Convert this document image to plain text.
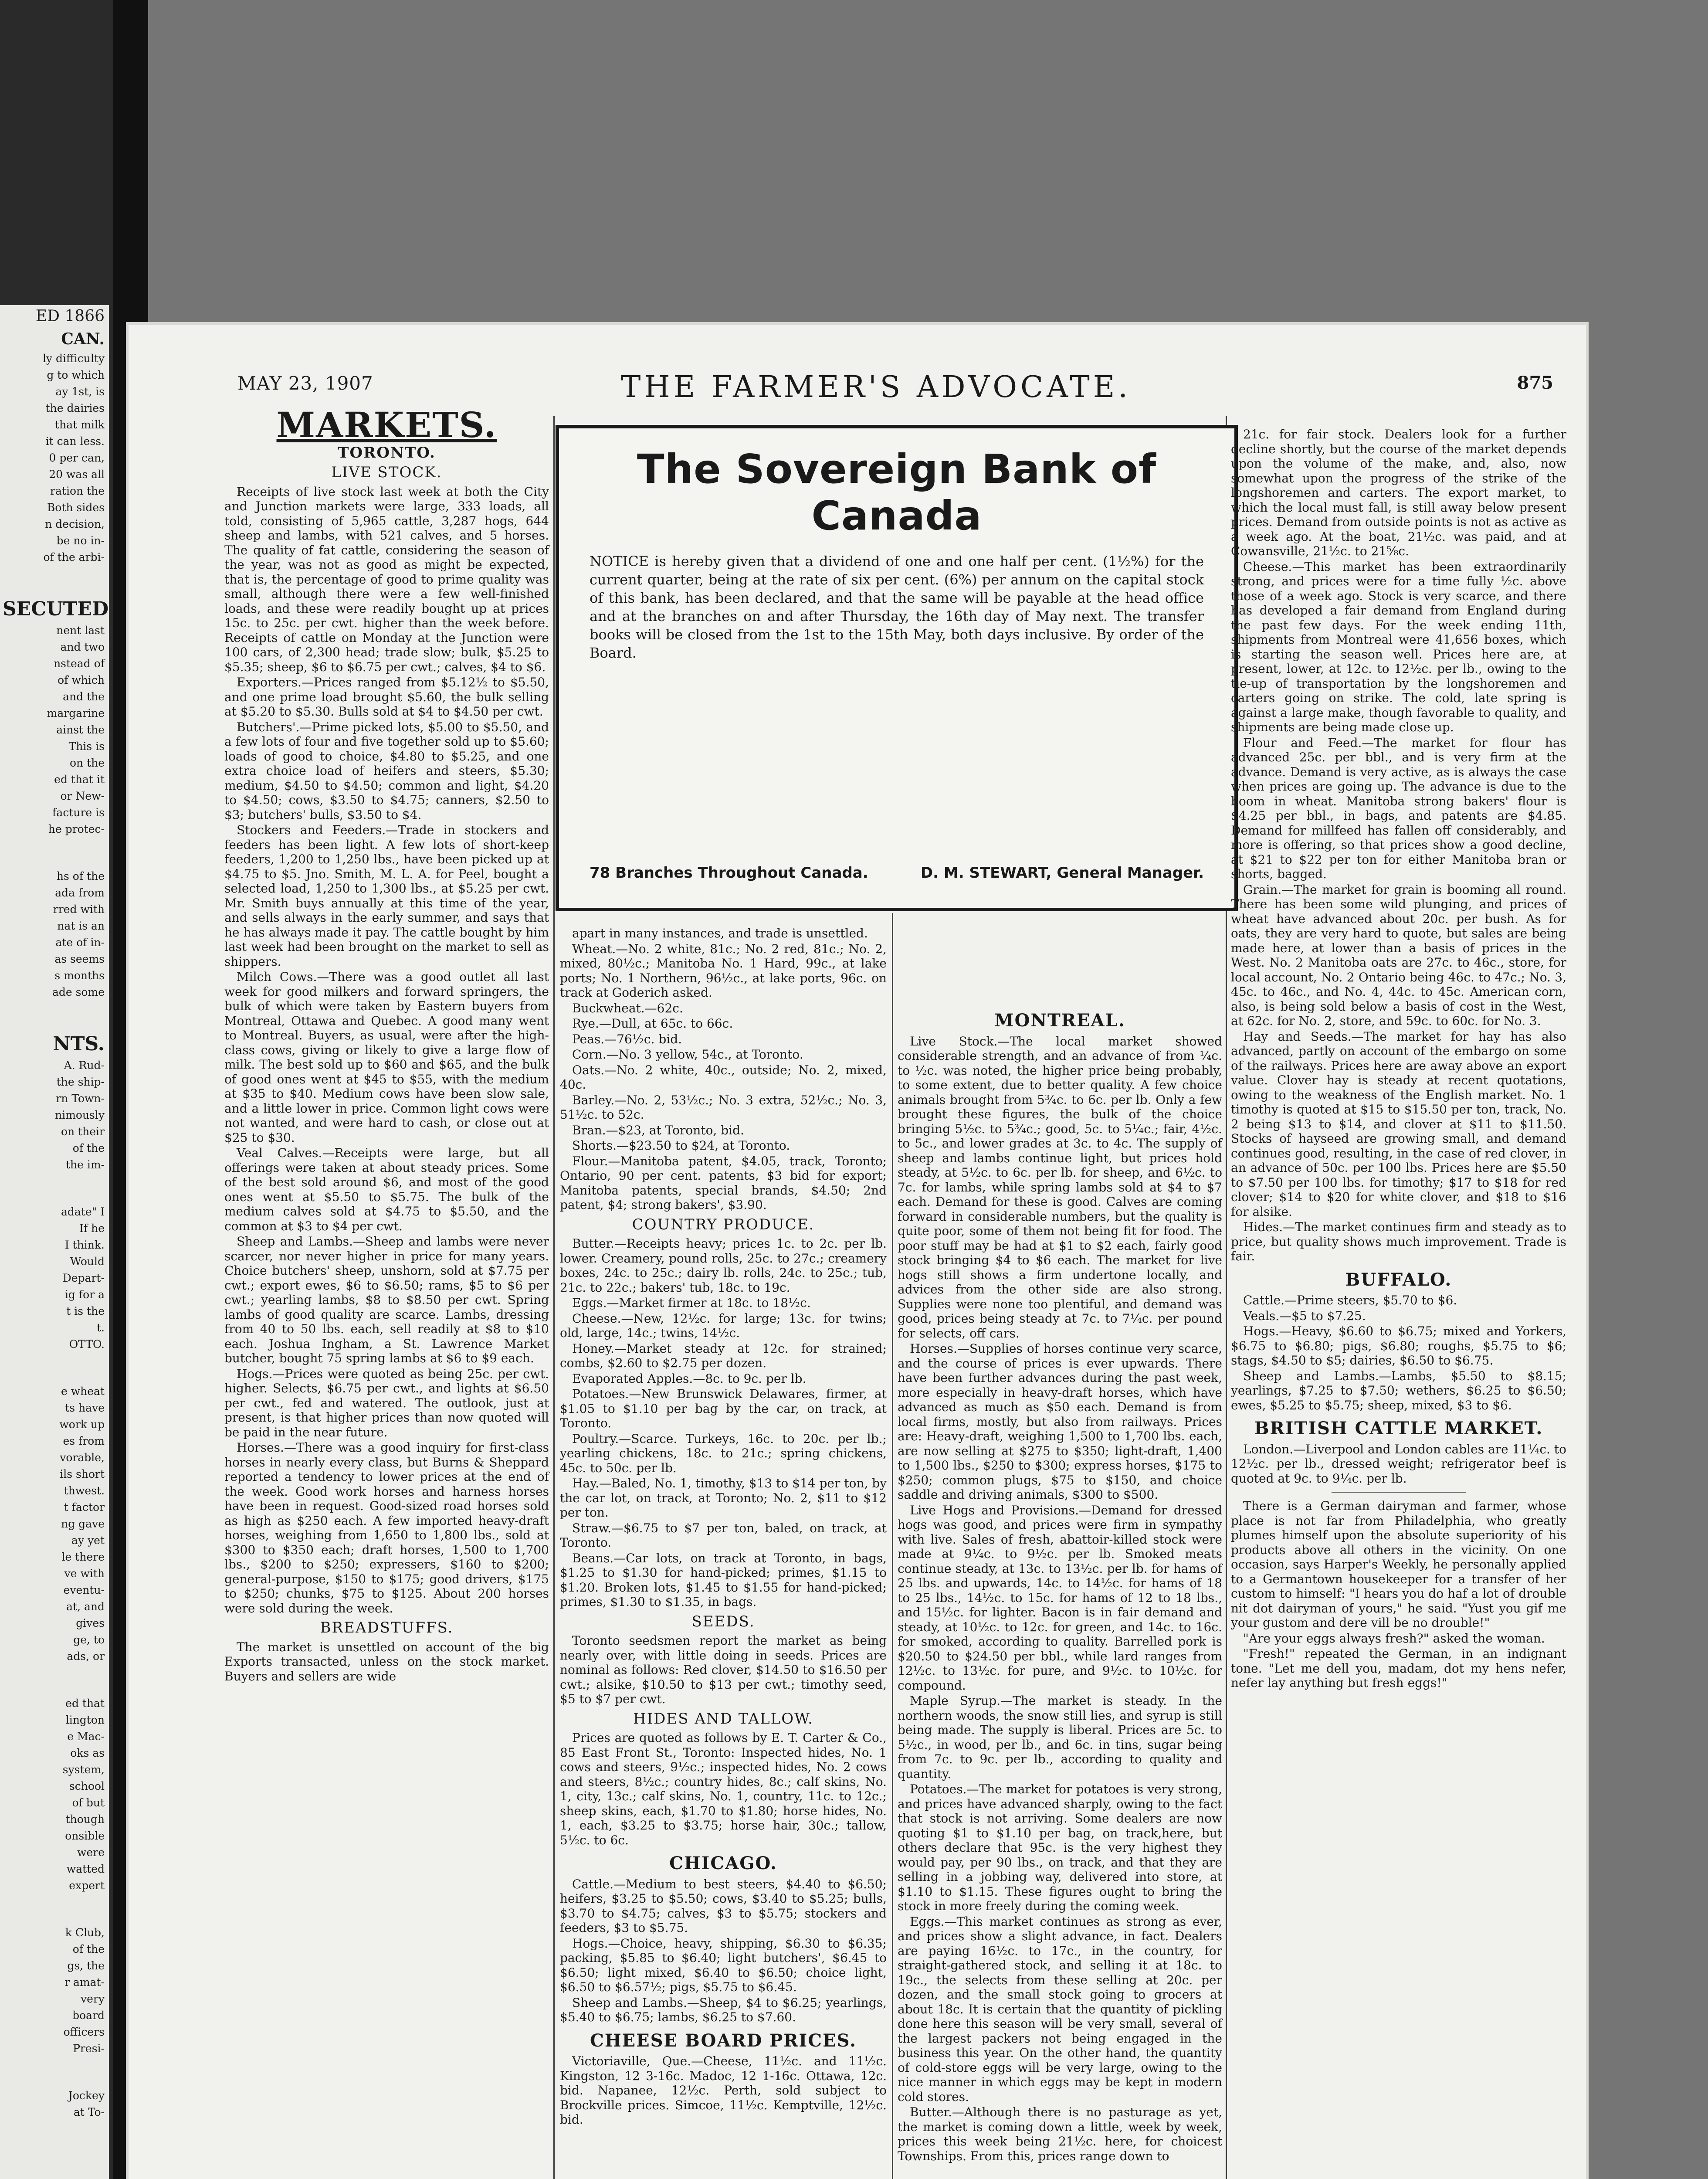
ED 1866

CAN.

ly difficulty

g to which

ay 1st, is

the dairies

that milk

it can less.

0 per can,

20 was all

ration the

Both sides

n decision,

be no in-

of the arbi-

SECUTED

nent last

and two

nstead of

of which

and the

margarine

ainst the

This is

on the

ed that it

or New-

facture is

he protec-

hs of the

ada from

rred with

nat is an

ate of in-

as seems

s months

ade some

NTS.

A. Rud-

the ship-

rn Town-

nimously

on their

of the

the im-

adate" I

If he

I think.

Would

Depart-

ig for a

t is the

t.

OTTO.

e wheat

ts have

work up

es from

vorable,

ils short

thwest.

t factor

ng gave

ay yet

le there

ve with

eventu-

at, and

gives

ge, to

ads, or

ed that

lington

e Mac-

oks as

system,

school

of but

though

onsible

were

watted

expert

k Club,

of the

gs, the

r amat-

very

board

officers

Presi-

Jockey

at To-

MAY 23, 1907	THE FARMER'S ADVOCATE.	875
MARKETS.
TORONTO.
LIVE STOCK.

Receipts of live stock last week at both the City and Junction markets were large, 333 loads, all told, consisting of 5,965 cattle, 3,287 hogs, 644 sheep and lambs, with 521 calves, and 5 horses. The quality of fat cattle, considering the season of the year, was not as good as might be expected, that is, the percentage of good to prime quality was small, although there were a few well-finished loads, and these were readily bought up at prices 15c. to 25c. per cwt. higher than the week before. Receipts of cattle on Monday at the Junction were 100 cars, of 2,300 head; trade slow; bulk, $5.25 to $5.35; sheep, $6 to $6.75 per cwt.; calves, $4 to $6.

Exporters.—Prices ranged from $5.12½ to $5.50, and one prime load brought $5.60, the bulk selling at $5.20 to $5.30. Bulls sold at $4 to $4.50 per cwt.

Butchers'.—Prime picked lots, $5.00 to $5.50, and a few lots of four and five together sold up to $5.60; loads of good to choice, $4.80 to $5.25, and one extra choice load of heifers and steers, $5.30; medium, $4.50 to $4.50; common and light, $4.20 to $4.50; cows, $3.50 to $4.75; canners, $2.50 to $3; butchers' bulls, $3.50 to $4.

Stockers and Feeders.—Trade in stockers and feeders has been light. A few lots of short-keep feeders, 1,200 to 1,250 lbs., have been picked up at $4.75 to $5. Jno. Smith, M. L. A. for Peel, bought a selected load, 1,250 to 1,300 lbs., at $5.25 per cwt. Mr. Smith buys annually at this time of the year, and sells always in the early summer, and says that he has always made it pay. The cattle bought by him last week had been brought on the market to sell as shippers.

Milch Cows.—There was a good outlet all last week for good milkers and forward springers, the bulk of which were taken by Eastern buyers from Montreal, Ottawa and Quebec. A good many went to Montreal. Buyers, as usual, were after the high-class cows, giving or likely to give a large flow of milk. The best sold up to $60 and $65, and the bulk of good ones went at $45 to $55, with the medium at $35 to $40. Medium cows have been slow sale, and a little lower in price. Common light cows were not wanted, and were hard to cash, or close out at $25 to $30.

Veal Calves.—Receipts were large, but all offerings were taken at about steady prices. Some of the best sold around $6, and most of the good ones went at $5.50 to $5.75. The bulk of the medium calves sold at $4.75 to $5.50, and the common at $3 to $4 per cwt.

Sheep and Lambs.—Sheep and lambs were never scarcer, nor never higher in price for many years. Choice butchers' sheep, unshorn, sold at $7.75 per cwt.; export ewes, $6 to $6.50; rams, $5 to $6 per cwt.; yearling lambs, $8 to $8.50 per cwt. Spring lambs of good quality are scarce. Lambs, dressing from 40 to 50 lbs. each, sell readily at $8 to $10 each. Joshua Ingham, a St. Lawrence Market butcher, bought 75 spring lambs at $6 to $9 each.

Hogs.—Prices were quoted as being 25c. per cwt. higher. Selects, $6.75 per cwt., and lights at $6.50 per cwt., fed and watered. The outlook, just at present, is that higher prices than now quoted will be paid in the near future.

Horses.—There was a good inquiry for first-class horses in nearly every class, but Burns & Sheppard reported a tendency to lower prices at the end of the week. Good work horses and harness horses have been in request. Good-sized road horses sold as high as $250 each. A few imported heavy-draft horses, weighing from 1,650 to 1,800 lbs., sold at $300 to $350 each; draft horses, 1,500 to 1,700 lbs., $200 to $250; expressers, $160 to $200; general-purpose, $150 to $175; good drivers, $175 to $250; chunks, $75 to $125. About 200 horses were sold during the week.

BREADSTUFFS.

The market is unsettled on account of the big Exports transacted, unless on the stock market. Buyers and sellers are wide

The Sovereign Bank of Canada
NOTICE is hereby given that a dividend of one and one half per cent. (1½%) for the current quarter, being at the rate of six per cent. (6%) per annum on the capital stock of this bank, has been declared, and that the same will be payable at the head office and at the branches on and after Thursday, the 16th day of May next. The transfer books will be closed from the 1st to the 15th May, both days inclusive. By order of the Board.
78 Branches Throughout Canada.	D. M. STEWART, General Manager.

apart in many instances, and trade is unsettled.

Wheat.—No. 2 white, 81c.; No. 2 red, 81c.; No. 2, mixed, 80½c.; Manitoba No. 1 Hard, 99c., at lake ports; No. 1 Northern, 96½c., at lake ports, 96c. on track at Goderich asked.

Buckwheat.—62c.

Rye.—Dull, at 65c. to 66c.

Peas.—76½c. bid.

Corn.—No. 3 yellow, 54c., at Toronto.

Oats.—No. 2 white, 40c., outside; No. 2, mixed, 40c.

Barley.—No. 2, 53½c.; No. 3 extra, 52½c.; No. 3, 51½c. to 52c.

Bran.—$23, at Toronto, bid.

Shorts.—$23.50 to $24, at Toronto.

Flour.—Manitoba patent, $4.05, track, Toronto; Ontario, 90 per cent. patents, $3 bid for export; Manitoba patents, special brands, $4.50; 2nd patent, $4; strong bakers', $3.90.

COUNTRY PRODUCE.

Butter.—Receipts heavy; prices 1c. to 2c. per lb. lower. Creamery, pound rolls, 25c. to 27c.; creamery boxes, 24c. to 25c.; dairy lb. rolls, 24c. to 25c.; tub, 21c. to 22c.; bakers' tub, 18c. to 19c.

Eggs.—Market firmer at 18c. to 18½c.

Cheese.—New, 12½c. for large; 13c. for twins; old, large, 14c.; twins, 14½c.

Honey.—Market steady at 12c. for strained; combs, $2.60 to $2.75 per dozen.

Evaporated Apples.—8c. to 9c. per lb.

Potatoes.—New Brunswick Delawares, firmer, at $1.05 to $1.10 per bag by the car, on track, at Toronto.

Poultry.—Scarce. Turkeys, 16c. to 20c. per lb.; yearling chickens, 18c. to 21c.; spring chickens, 45c. to 50c. per lb.

Hay.—Baled, No. 1, timothy, $13 to $14 per ton, by the car lot, on track, at Toronto; No. 2, $11 to $12 per ton.

Straw.—$6.75 to $7 per ton, baled, on track, at Toronto.

Beans.—Car lots, on track at Toronto, in bags, $1.25 to $1.30 for hand-picked; primes, $1.15 to $1.20. Broken lots, $1.45 to $1.55 for hand-picked; primes, $1.30 to $1.35, in bags.

SEEDS.

Toronto seedsmen report the market as being nearly over, with little doing in seeds. Prices are nominal as follows: Red clover, $14.50 to $16.50 per cwt.; alsike, $10.50 to $13 per cwt.; timothy seed, $5 to $7 per cwt.

HIDES AND TALLOW.

Prices are quoted as follows by E. T. Carter & Co., 85 East Front St., Toronto: Inspected hides, No. 1 cows and steers, 9½c.; inspected hides, No. 2 cows and steers, 8½c.; country hides, 8c.; calf skins, No. 1, city, 13c.; calf skins, No. 1, country, 11c. to 12c.; sheep skins, each, $1.70 to $1.80; horse hides, No. 1, each, $3.25 to $3.75; horse hair, 30c.; tallow, 5½c. to 6c.

CHICAGO.

Cattle.—Medium to best steers, $4.40 to $6.50; heifers, $3.25 to $5.50; cows, $3.40 to $5.25; bulls, $3.70 to $4.75; calves, $3 to $5.75; stockers and feeders, $3 to $5.75.

Hogs.—Choice, heavy, shipping, $6.30 to $6.35; packing, $5.85 to $6.40; light butchers', $6.45 to $6.50; light mixed, $6.40 to $6.50; choice light, $6.50 to $6.57½; pigs, $5.75 to $6.45.

Sheep and Lambs.—Sheep, $4 to $6.25; yearlings, $5.40 to $6.75; lambs, $6.25 to $7.60.

CHEESE BOARD PRICES.

Victoriaville, Que.—Cheese, 11½c. and 11½c. Kingston, 12 3-16c. Madoc, 12 1-16c. Ottawa, 12c. bid. Napanee, 12½c. Perth, sold subject to Brockville prices. Simcoe, 11½c. Kemptville, 12½c. bid.

MONTREAL.

Live Stock.—The local market showed considerable strength, and an advance of from ¼c. to ½c. was noted, the higher price being probably, to some extent, due to better quality. A few choice animals brought from 5¾c. to 6c. per lb. Only a few brought these figures, the bulk of the choice bringing 5½c. to 5¾c.; good, 5c. to 5¼c.; fair, 4½c. to 5c., and lower grades at 3c. to 4c. The supply of sheep and lambs continue light, but prices hold steady, at 5½c. to 6c. per lb. for sheep, and 6½c. to 7c. for lambs, while spring lambs sold at $4 to $7 each. Demand for these is good. Calves are coming forward in considerable numbers, but the quality is quite poor, some of them not being fit for food. The poor stuff may be had at $1 to $2 each, fairly good stock bringing $4 to $6 each. The market for live hogs still shows a firm undertone locally, and advices from the other side are also strong. Supplies were none too plentiful, and demand was good, prices being steady at 7c. to 7¼c. per pound for selects, off cars.

Horses.—Supplies of horses continue very scarce, and the course of prices is ever upwards. There have been further advances during the past week, more especially in heavy-draft horses, which have advanced as much as $50 each. Demand is from local firms, mostly, but also from railways. Prices are: Heavy-draft, weighing 1,500 to 1,700 lbs. each, are now selling at $275 to $350; light-draft, 1,400 to 1,500 lbs., $250 to $300; express horses, $175 to $250; common plugs, $75 to $150, and choice saddle and driving animals, $300 to $500.

Live Hogs and Provisions.—Demand for dressed hogs was good, and prices were firm in sympathy with live. Sales of fresh, abattoir-killed stock were made at 9¼c. to 9½c. per lb. Smoked meats continue steady, at 13c. to 13½c. per lb. for hams of 25 lbs. and upwards, 14c. to 14½c. for hams of 18 to 25 lbs., 14½c. to 15c. for hams of 12 to 18 lbs., and 15½c. for lighter. Bacon is in fair demand and steady, at 10½c. to 12c. for green, and 14c. to 16c. for smoked, according to quality. Barrelled pork is $20.50 to $24.50 per bbl., while lard ranges from 12½c. to 13½c. for pure, and 9½c. to 10½c. for compound.

Maple Syrup.—The market is steady. In the northern woods, the snow still lies, and syrup is still being made. The supply is liberal. Prices are 5c. to 5½c., in wood, per lb., and 6c. in tins, sugar being from 7c. to 9c. per lb., according to quality and quantity.

Potatoes.—The market for potatoes is very strong, and prices have advanced sharply, owing to the fact that stock is not arriving. Some dealers are now quoting $1 to $1.10 per bag, on track,here, but others declare that 95c. is the very highest they would pay, per 90 lbs., on track, and that they are selling in a jobbing way, delivered into store, at $1.10 to $1.15. These figures ought to bring the stock in more freely during the coming week.

Eggs.—This market continues as strong as ever, and prices show a slight advance, in fact. Dealers are paying 16½c. to 17c., in the country, for straight-gathered stock, and selling it at 18c. to 19c., the selects from these selling at 20c. per dozen, and the small stock going to grocers at about 18c. It is certain that the quantity of pickling done here this season will be very small, several of the largest packers not being engaged in the business this year. On the other hand, the quantity of cold-store eggs will be very large, owing to the nice manner in which eggs may be kept in modern cold stores.

Butter.—Although there is no pasturage as yet, the market is coming down a little, week by week, prices this week being 21½c. here, for choicest Townships. From this, prices range down to

21c. for fair stock. Dealers look for a further decline shortly, but the course of the market depends upon the volume of the make, and, also, now somewhat upon the progress of the strike of the longshoremen and carters. The export market, to which the local must fall, is still away below present prices. Demand from outside points is not as active as a week ago. At the boat, 21½c. was paid, and at Cowansville, 21½c. to 21⅝c.

Cheese.—This market has been extraordinarily strong, and prices were for a time fully ½c. above those of a week ago. Stock is very scarce, and there has developed a fair demand from England during the past few days. For the week ending 11th, shipments from Montreal were 41,656 boxes, which is starting the season well. Prices here are, at present, lower, at 12c. to 12½c. per lb., owing to the tie-up of transportation by the longshoremen and carters going on strike. The cold, late spring is against a large make, though favorable to quality, and shipments are being made close up.

Flour and Feed.—The market for flour has advanced 25c. per bbl., and is very firm at the advance. Demand is very active, as is always the case when prices are going up. The advance is due to the boom in wheat. Manitoba strong bakers' flour is $4.25 per bbl., in bags, and patents are $4.85. Demand for millfeed has fallen off considerably, and more is offering, so that prices show a good decline, at $21 to $22 per ton for either Manitoba bran or shorts, bagged.

Grain.—The market for grain is booming all round. There has been some wild plunging, and prices of wheat have advanced about 20c. per bush. As for oats, they are very hard to quote, but sales are being made here, at lower than a basis of prices in the West. No. 2 Manitoba oats are 27c. to 46c., store, for local account, No. 2 Ontario being 46c. to 47c.; No. 3, 45c. to 46c., and No. 4, 44c. to 45c. American corn, also, is being sold below a basis of cost in the West, at 62c. for No. 2, store, and 59c. to 60c. for No. 3.

Hay and Seeds.—The market for hay has also advanced, partly on account of the embargo on some of the railways. Prices here are away above an export value. Clover hay is steady at recent quotations, owing to the weakness of the English market. No. 1 timothy is quoted at $15 to $15.50 per ton, track, No. 2 being $13 to $14, and clover at $11 to $11.50. Stocks of hayseed are growing small, and demand continues good, resulting, in the case of red clover, in an advance of 50c. per 100 lbs. Prices here are $5.50 to $7.50 per 100 lbs. for timothy; $17 to $18 for red clover; $14 to $20 for white clover, and $18 to $16 for alsike.

Hides.—The market continues firm and steady as to price, but quality shows much improvement. Trade is fair.

BUFFALO.

Cattle.—Prime steers, $5.70 to $6.

Veals.—$5 to $7.25.

Hogs.—Heavy, $6.60 to $6.75; mixed and Yorkers, $6.75 to $6.80; pigs, $6.80; roughs, $5.75 to $6; stags, $4.50 to $5; dairies, $6.50 to $6.75.

Sheep and Lambs.—Lambs, $5.50 to $8.15; yearlings, $7.25 to $7.50; wethers, $6.25 to $6.50; ewes, $5.25 to $5.75; sheep, mixed, $3 to $6.

BRITISH CATTLE MARKET.

London.—Liverpool and London cables are 11¼c. to 12½c. per lb., dressed weight; refrigerator beef is quoted at 9c. to 9¼c. per lb.

There is a German dairyman and farmer, whose place is not far from Philadelphia, who greatly plumes himself upon the absolute superiority of his products above all others in the vicinity. On one occasion, says Harper's Weekly, he personally applied to a Germantown housekeeper for a transfer of her custom to himself: "I hears you do haf a lot of drouble nit dot dairyman of yours," he said. "Yust you gif me your gustom and dere vill be no drouble!"

"Are your eggs always fresh?" asked the woman.

"Fresh!" repeated the German, in an indignant tone. "Let me dell you, madam, dot my hens nefer, nefer lay anything but fresh eggs!"
